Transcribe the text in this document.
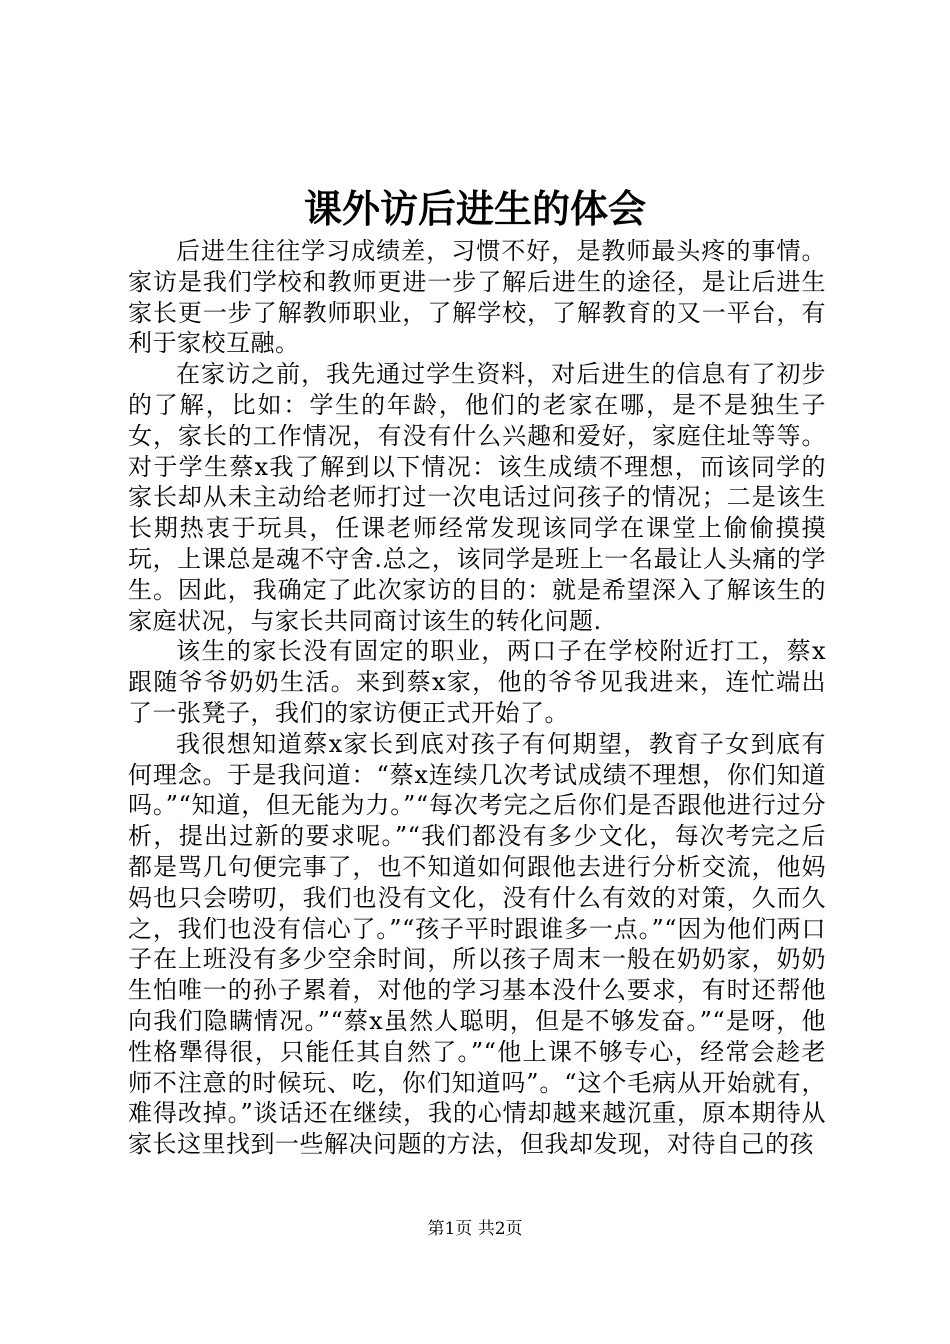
课外访后进生的体会

后进生往往学习成绩差，习惯不好，是教师最头疼的事情。家访是我们学校和教师更进一步了解后进生的途径，是让后进生家长更一步了解教师职业，了解学校，了解教育的又一平台，有利于家校互融。

在家访之前，我先通过学生资料，对后进生的信息有了初步的了解，比如：学生的年龄，他们的老家在哪，是不是独生子女，家长的工作情况，有没有什么兴趣和爱好，家庭住址等等。对于学生蔡x我了解到以下情况：该生成绩不理想，而该同学的家长却从未主动给老师打过一次电话过问孩子的情况；二是该生长期热衷于玩具，任课老师经常发现该同学在课堂上偷偷摸摸玩，上课总是魂不守舍.总之，该同学是班上一名最让人头痛的学生。因此，我确定了此次家访的目的：就是希望深入了解该生的家庭状况，与家长共同商讨该生的转化问题.

该生的家长没有固定的职业，两口子在学校附近打工，蔡x跟随爷爷奶奶生活。来到蔡x家，他的爷爷见我进来，连忙端出了一张凳子，我们的家访便正式开始了。

我很想知道蔡x家长到底对孩子有何期望，教育子女到底有何理念。于是我问道：“蔡x连续几次考试成绩不理想，你们知道吗。”“知道，但无能为力。”“每次考完之后你们是否跟他进行过分析，提出过新的要求呢。”“我们都没有多少文化，每次考完之后都是骂几句便完事了，也不知道如何跟他去进行分析交流，他妈妈也只会唠叨，我们也没有文化，没有什么有效的对策，久而久之，我们也没有信心了。”“孩子平时跟谁多一点。”“因为他们两口子在上班没有多少空余时间，所以孩子周末一般在奶奶家，奶奶生怕唯一的孙子累着，对他的学习基本没什么要求，有时还帮他向我们隐瞒情况。”“蔡x虽然人聪明，但是不够发奋。”“是呀，他性格犟得很，只能任其自然了。”“他上课不够专心，经常会趁老师不注意的时候玩、吃，你们知道吗”。“这个毛病从开始就有，难得改掉。”谈话还在继续，我的心情却越来越沉重，原本期待从家长这里找到一些解决问题的方法，但我却发现，对待自己的孩

第1页 共2页
